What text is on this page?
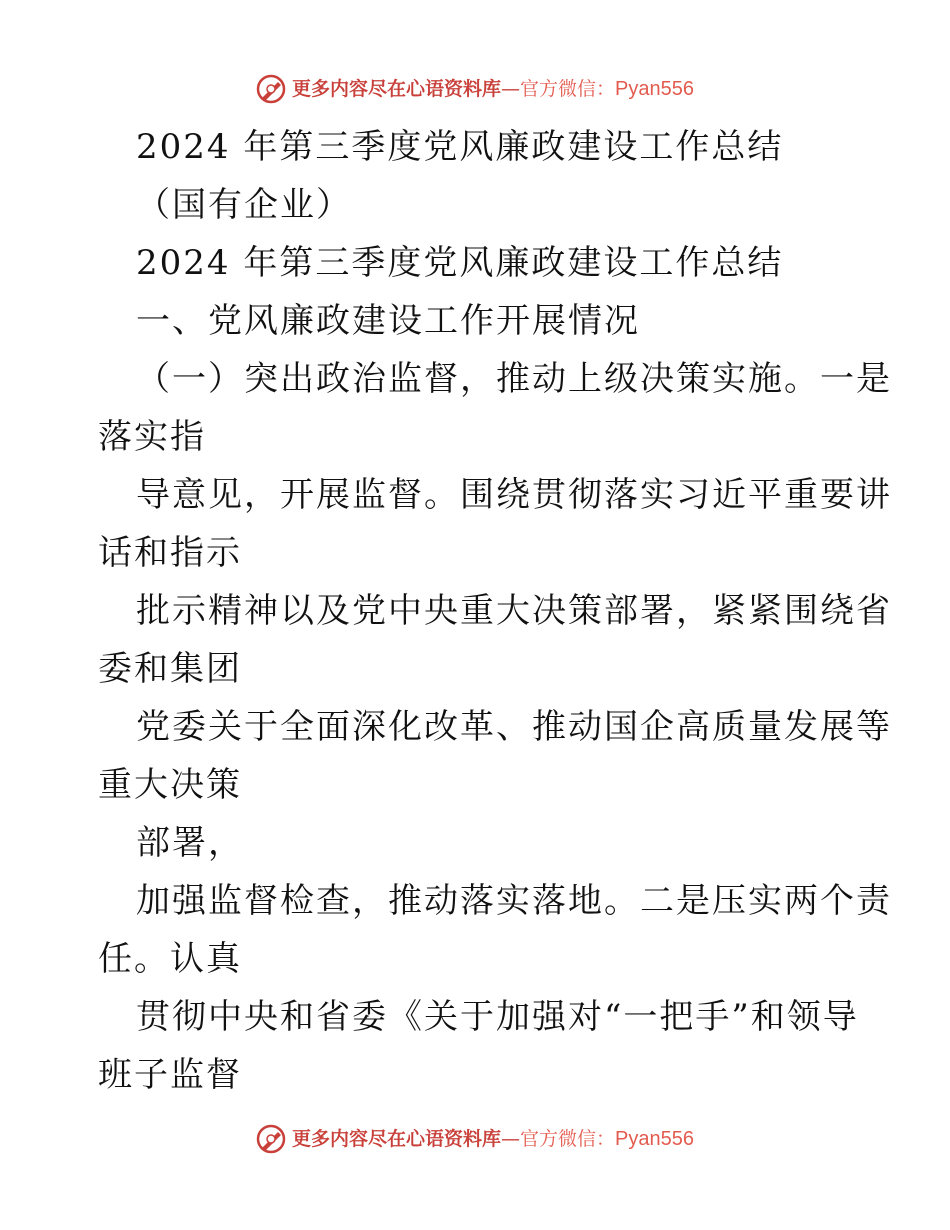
更多内容尽在心语资料库 — 官方微信： Pyan556
2024 年第三季度党风廉政建设工作总结
（国有企业）
2024 年第三季度党风廉政建设工作总结
一、党风廉政建设工作开展情况
（一）突出政治监督，推动上级决策实施。一是
落实指
导意见，开展监督。围绕贯彻落实习近平重要讲
话和指示
批示精神以及党中央重大决策部署，紧紧围绕省
委和集团
党委关于全面深化改革、推动国企高质量发展等
重大决策
部署，
加强监督检查，推动落实落地。二是压实两个责
任。认真
贯彻中央和省委《关于加强对“一把手”和领导
班子监督
更多内容尽在心语资料库 — 官方微信： Pyan556
